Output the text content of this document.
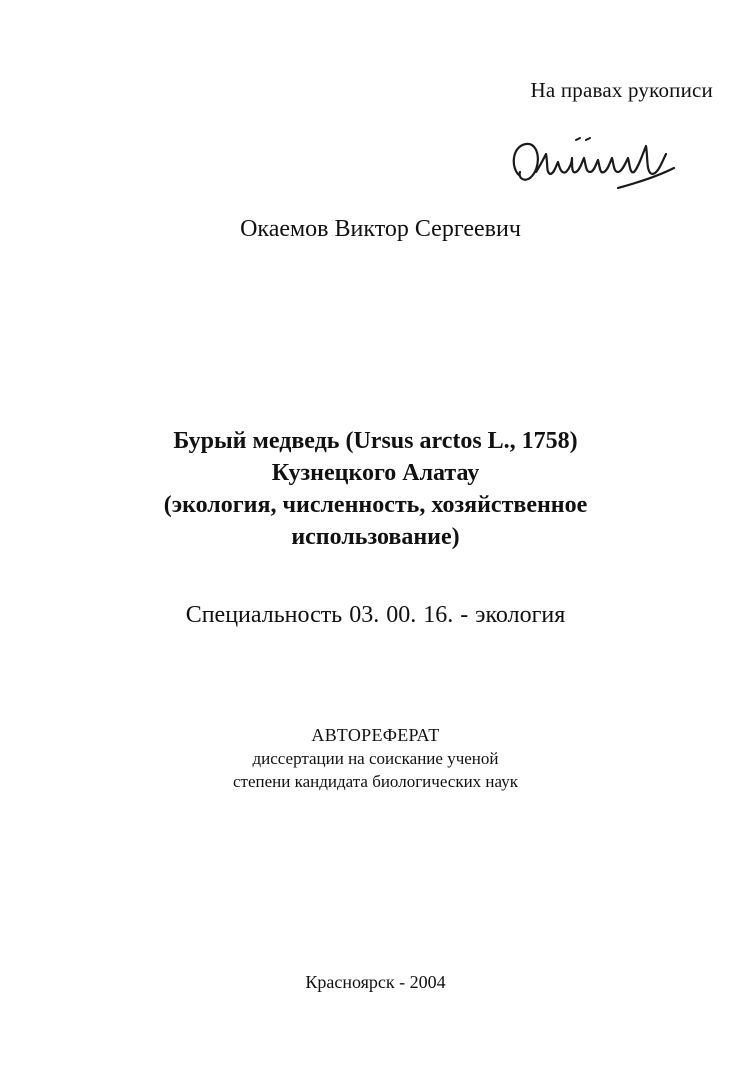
На правах рукописи
Окаемов Виктор Сергеевич
Бурый медведь (Ursus arctos L., 1758)
Кузнецкого Алатау
(экология, численность, хозяйственное
использование)
Специальность 03. 00. 16. - экология
АВТОРЕФЕРАТ
диссертации на соискание ученой
степени кандидата биологических наук
Красноярск - 2004
